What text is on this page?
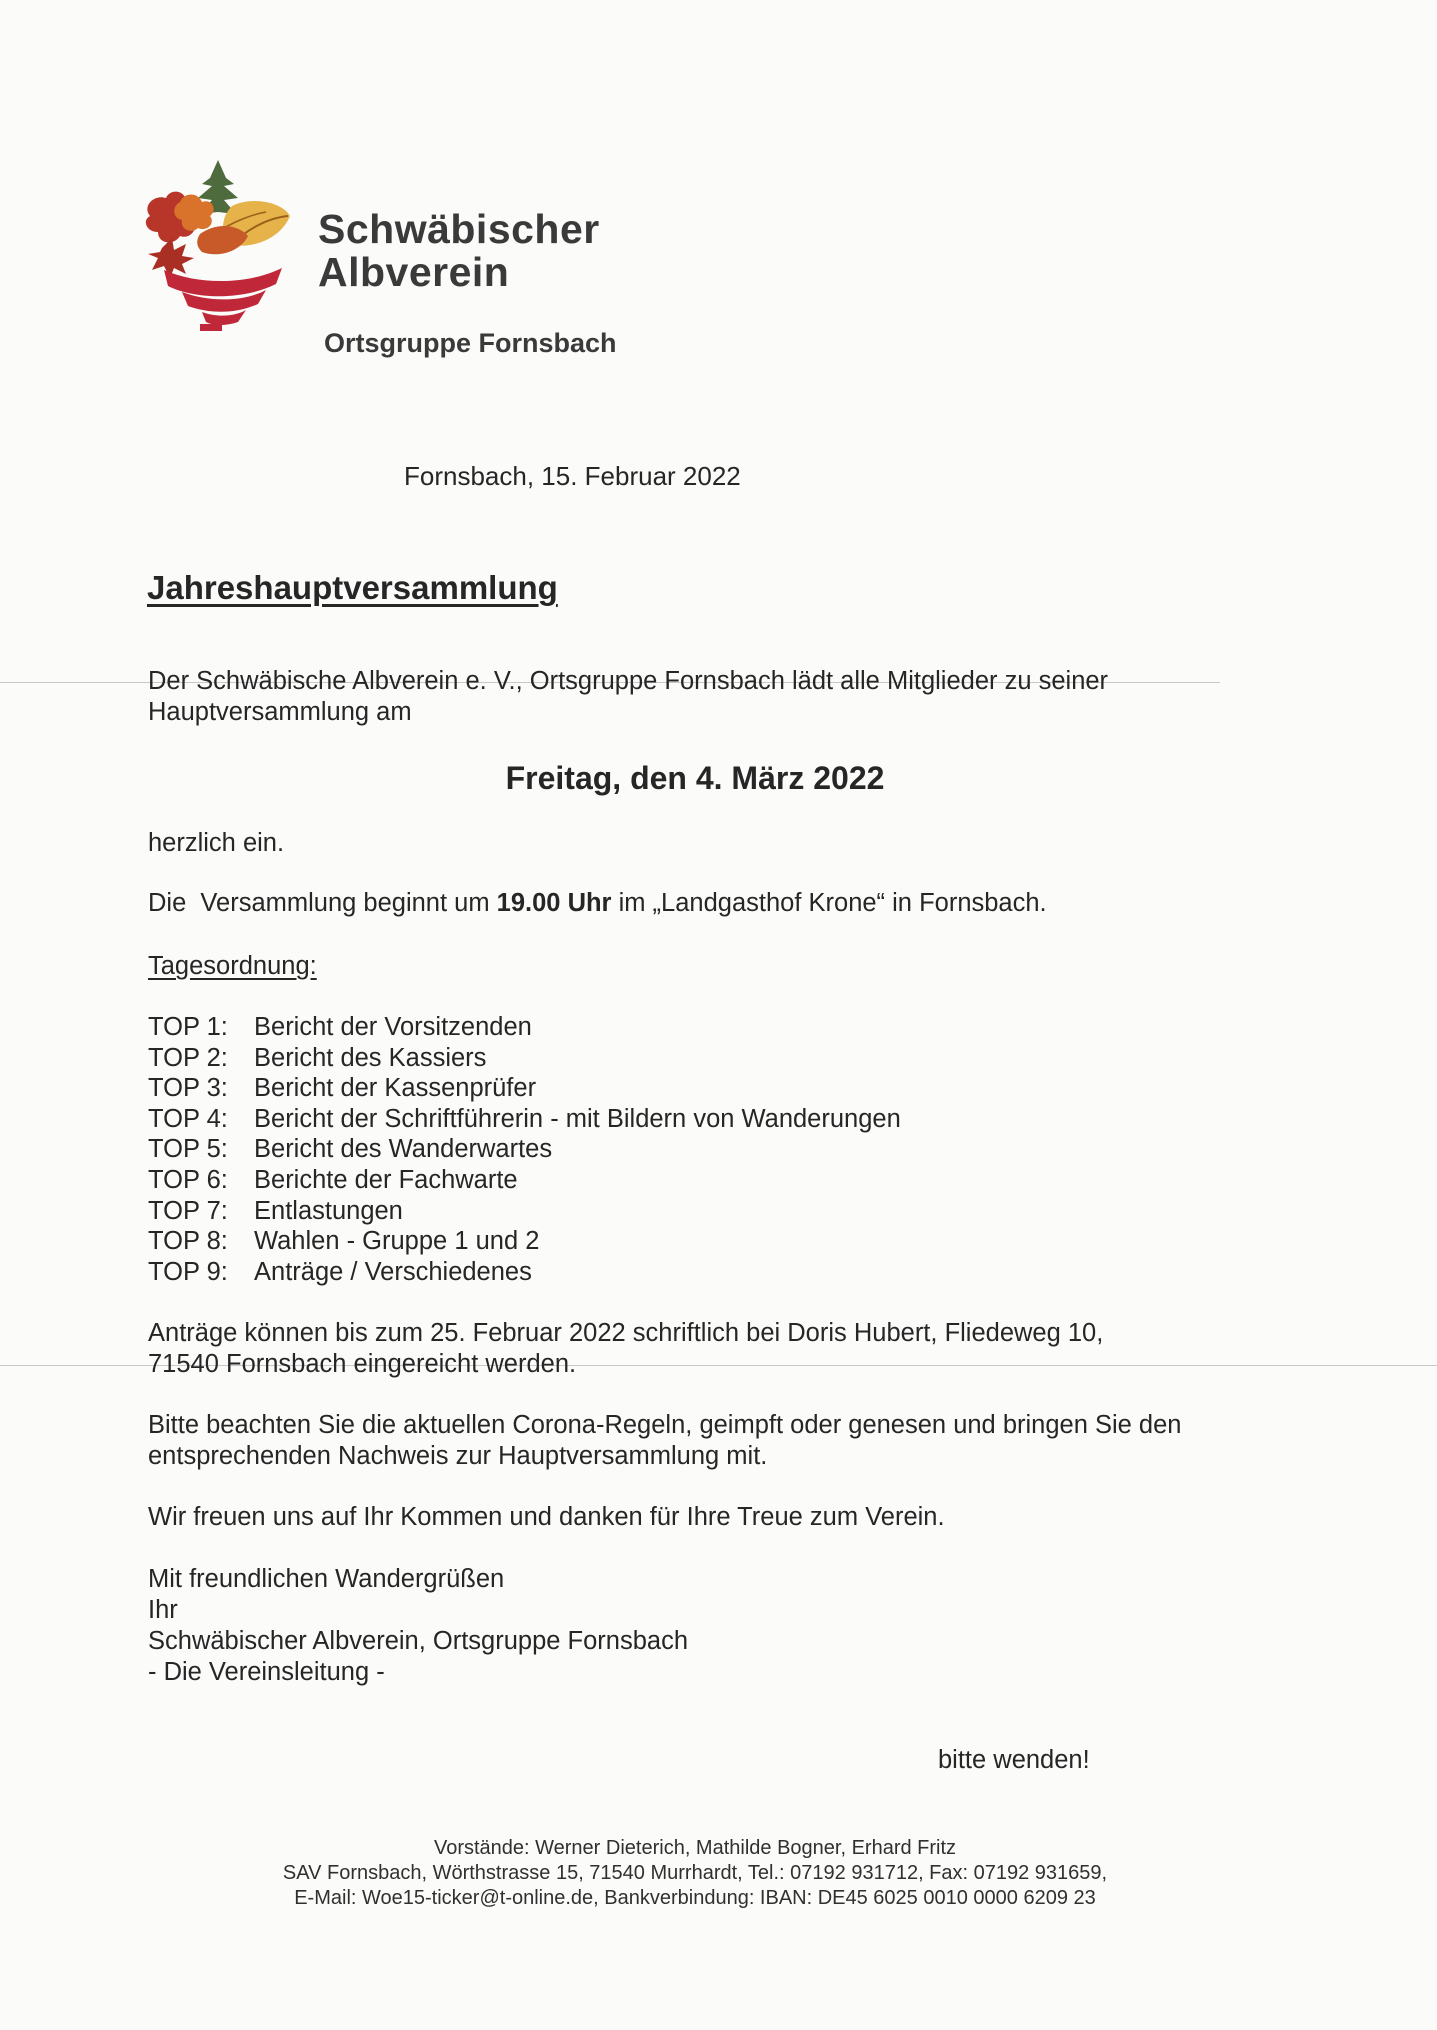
Schwäbischer
Albverein
Ortsgruppe Fornsbach
Fornsbach, 15. Februar 2022
Jahreshauptversammlung
Der Schwäbische Albverein e. V., Ortsgruppe Fornsbach lädt alle Mitglieder zu seiner Hauptversammlung am
Freitag, den 4. März 2022
herzlich ein.
Die  Versammlung beginnt um 19.00 Uhr im „Landgasthof Krone“ in Fornsbach.
Tagesordnung:
TOP 1: Bericht der Vorsitzenden
TOP 2: Bericht des Kassiers
TOP 3: Bericht der Kassenprüfer
TOP 4: Bericht der Schriftführerin - mit Bildern von Wanderungen
TOP 5: Bericht des Wanderwartes
TOP 6: Berichte der Fachwarte
TOP 7: Entlastungen
TOP 8: Wahlen - Gruppe 1 und 2
TOP 9: Anträge / Verschiedenes
Anträge können bis zum 25. Februar 2022 schriftlich bei Doris Hubert, Fliedeweg 10,
71540 Fornsbach eingereicht werden.
Bitte beachten Sie die aktuellen Corona-Regeln, geimpft oder genesen und bringen Sie den
entsprechenden Nachweis zur Hauptversammlung mit.
Wir freuen uns auf Ihr Kommen und danken für Ihre Treue zum Verein.
Mit freundlichen Wandergrüßen
Ihr
Schwäbischer Albverein, Ortsgruppe Fornsbach
- Die Vereinsleitung -
bitte wenden!
Vorstände: Werner Dieterich, Mathilde Bogner, Erhard Fritz
SAV Fornsbach, Wörthstrasse 15, 71540 Murrhardt, Tel.: 07192 931712, Fax: 07192 931659,
E-Mail: Woe15-ticker@t-online.de, Bankverbindung: IBAN: DE45 6025 0010 0000 6209 23
